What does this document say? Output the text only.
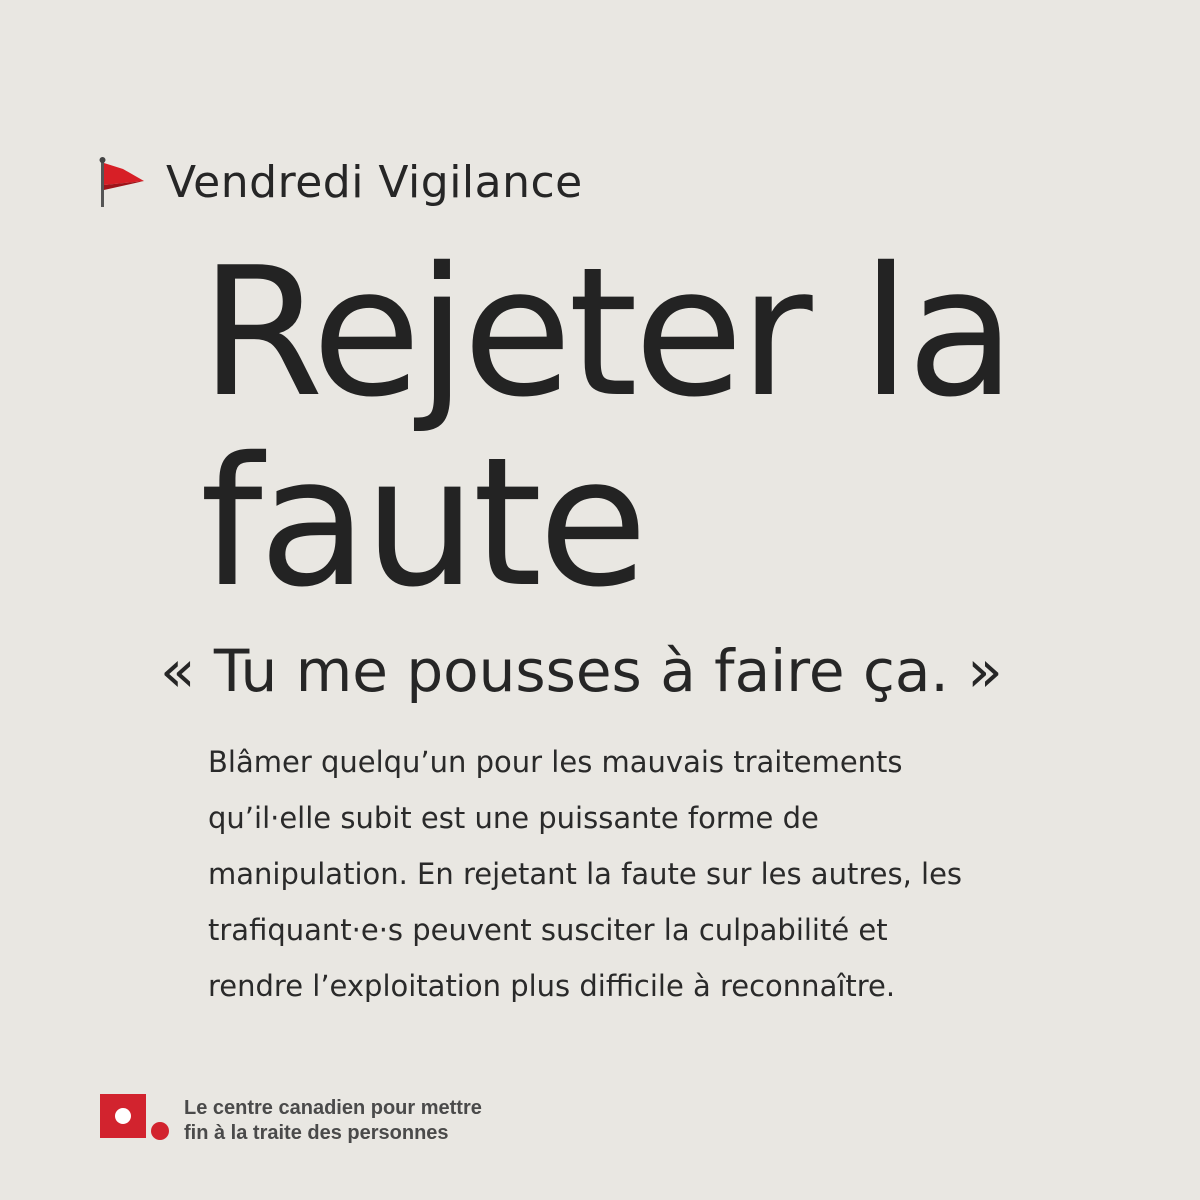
Vendredi Vigilance
Rejeter la
faute
« Tu me pousses à faire ça. »
Blâmer quelqu’un pour les mauvais traitements
qu’il·elle subit est une puissante forme de
manipulation. En rejetant la faute sur les autres, les
trafiquant·e·s peuvent susciter la culpabilité et
rendre l’exploitation plus difficile à reconnaître.
Le centre canadien pour mettre
fin à la traite des personnes
